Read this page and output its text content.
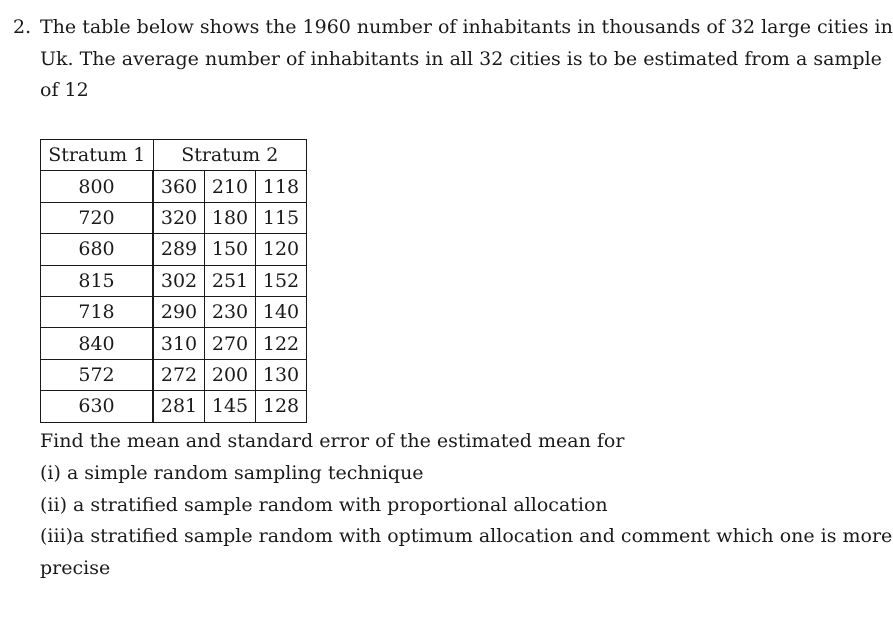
2. The table below shows the 1960 number of inhabitants in thousands of 32 large cities in
Uk. The average number of inhabitants in all 32 cities is to be estimated from a sample
of 12
Stratum 1	Stratum 2		
800	360	210	118
720	320	180	115
680	289	150	120
815	302	251	152
718	290	230	140
840	310	270	122
572	272	200	130
630	281	145	128
Find the mean and standard error of the estimated mean for
(i) a simple random sampling technique
(ii) a stratified sample random with proportional allocation
(iii)a stratified sample random with optimum allocation and comment which one is more
precise
